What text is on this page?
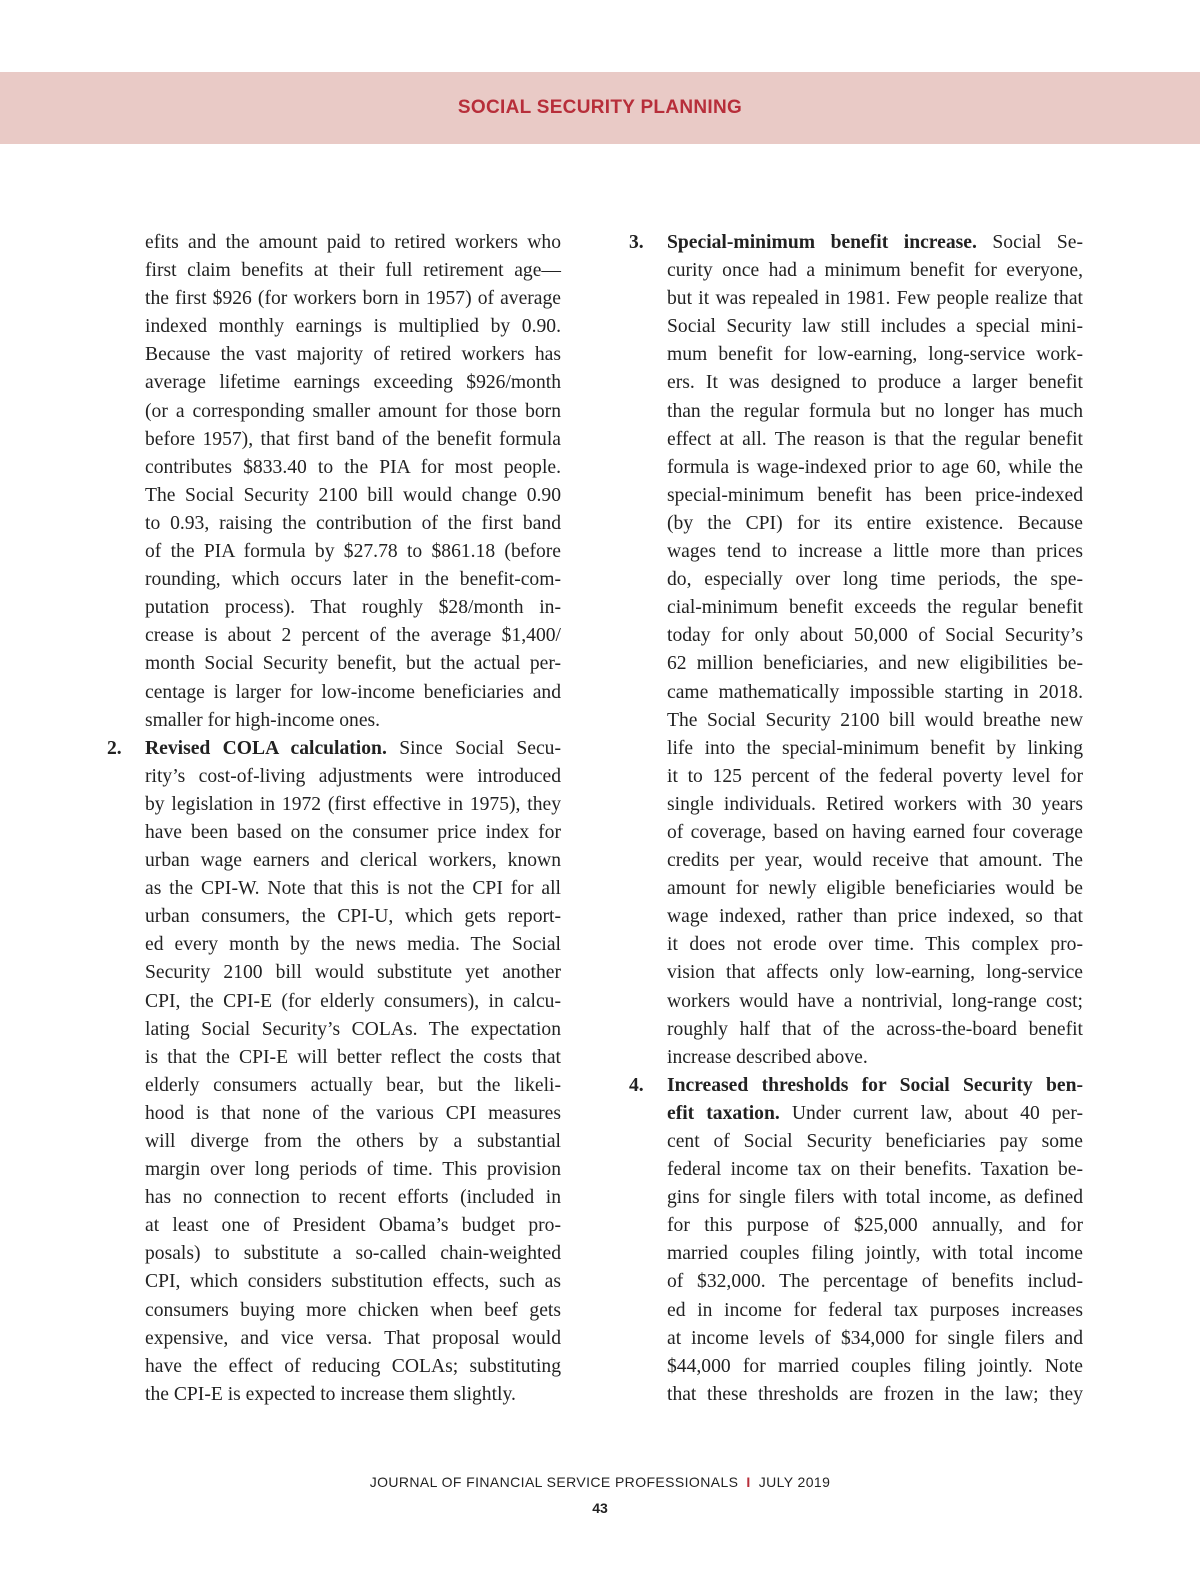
SOCIAL SECURITY PLANNING
efits and the amount paid to retired workers who
first claim benefits at their full retirement age—
the first $926 (for workers born in 1957) of average
indexed monthly earnings is multiplied by 0.90.
Because the vast majority of retired workers has
average lifetime earnings exceeding $926/month
(or a corresponding smaller amount for those born
before 1957), that first band of the benefit formula
contributes $833.40 to the PIA for most people.
The Social Security 2100 bill would change 0.90
to 0.93, raising the contribution of the first band
of the PIA formula by $27.78 to $861.18 (before
rounding, which occurs later in the benefit-com-
putation process). That roughly $28/month in-
crease is about 2 percent of the average $1,400/
month Social Security benefit, but the actual per-
centage is larger for low-income beneficiaries and
smaller for high-income ones.
2. Revised COLA calculation. Since Social Secu-
rity’s cost-of-living adjustments were introduced
by legislation in 1972 (first effective in 1975), they
have been based on the consumer price index for
urban wage earners and clerical workers, known
as the CPI-W. Note that this is not the CPI for all
urban consumers, the CPI-U, which gets report-
ed every month by the news media. The Social
Security 2100 bill would substitute yet another
CPI, the CPI-E (for elderly consumers), in calcu-
lating Social Security’s COLAs. The expectation
is that the CPI-E will better reflect the costs that
elderly consumers actually bear, but the likeli-
hood is that none of the various CPI measures
will diverge from the others by a substantial
margin over long periods of time. This provision
has no connection to recent efforts (included in
at least one of President Obama’s budget pro-
posals) to substitute a so-called chain-weighted
CPI, which considers substitution effects, such as
consumers buying more chicken when beef gets
expensive, and vice versa. That proposal would
have the effect of reducing COLAs; substituting
the CPI-E is expected to increase them slightly.
3. Special-minimum benefit increase. Social Se-
curity once had a minimum benefit for everyone,
but it was repealed in 1981. Few people realize that
Social Security law still includes a special mini-
mum benefit for low-earning, long-service work-
ers. It was designed to produce a larger benefit
than the regular formula but no longer has much
effect at all. The reason is that the regular benefit
formula is wage-indexed prior to age 60, while the
special-minimum benefit has been price-indexed
(by the CPI) for its entire existence. Because
wages tend to increase a little more than prices
do, especially over long time periods, the spe-
cial-minimum benefit exceeds the regular benefit
today for only about 50,000 of Social Security’s
62 million beneficiaries, and new eligibilities be-
came mathematically impossible starting in 2018.
The Social Security 2100 bill would breathe new
life into the special-minimum benefit by linking
it to 125 percent of the federal poverty level for
single individuals. Retired workers with 30 years
of coverage, based on having earned four coverage
credits per year, would receive that amount. The
amount for newly eligible beneficiaries would be
wage indexed, rather than price indexed, so that
it does not erode over time. This complex pro-
vision that affects only low-earning, long-service
workers would have a nontrivial, long-range cost;
roughly half that of the across-the-board benefit
increase described above.
4. Increased thresholds for Social Security ben-
efit taxation. Under current law, about 40 per-
cent of Social Security beneficiaries pay some
federal income tax on their benefits. Taxation be-
gins for single filers with total income, as defined
for this purpose of $25,000 annually, and for
married couples filing jointly, with total income
of $32,000. The percentage of benefits includ-
ed in income for federal tax purposes increases
at income levels of $34,000 for single filers and
$44,000 for married couples filing jointly. Note
that these thresholds are frozen in the law; they
JOURNAL OF FINANCIAL SERVICE PROFESSIONALS I JULY 2019
43
